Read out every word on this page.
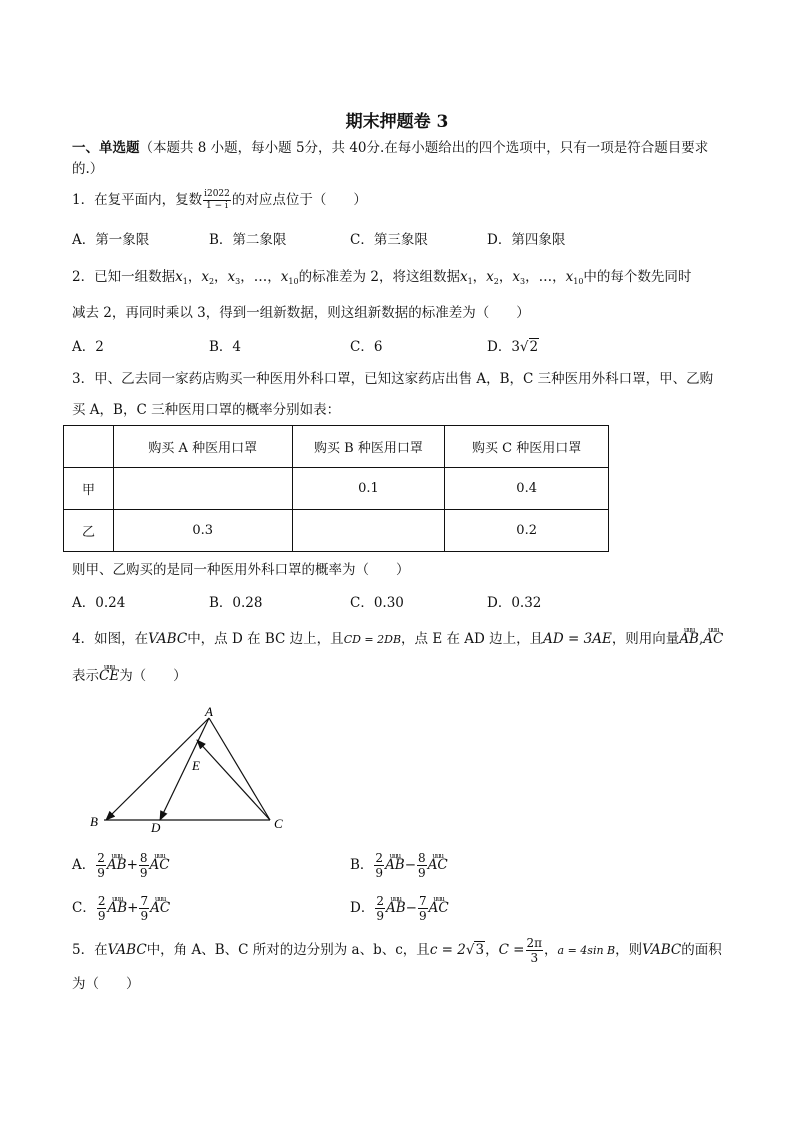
期末押题卷 3
一、单选题（本题共 8 小题，每小题 5分，共 40分.在每小题给出的四个选项中，只有一项是符合题目要求
的.）
1．在复平面内，复数 $\frac{i2022}{1 - i}$ 的对应点位于（　　）
A．第一象限	B．第二象限	C．第三象限	D．第四象限
2．已知一组数据$x_1$，$x_2$，$x_3$，…，$x_{10}$的标准差为 2，将这组数据$x_1$，$x_2$，$x_3$，…，$x_{10}$中的每个数先同时
减去 2，再同时乘以 3，得到一组新数据，则这组新数据的标准差为（　　）
A．2	B．4	C．6	D．3√2
3．甲、乙去同一家药店购买一种医用外科口罩，已知这家药店出售 A，B，C 三种医用外科口罩，甲、乙购
买 A，B，C 三种医用口罩的概率分别如表：
	购买 A 种医用口罩	购买 B 种医用口罩	购买 C 种医用口罩
甲		0.1	0.4
乙	0.3		0.2
则甲、乙购买的是同一种医用外科口罩的概率为（　　）
A．0.24	B．0.28	C．0.30	D．0.32
4．如图，在VABC中，点 D 在 BC 边上，且CD = 2DB，点 E 在 AD 边上，且AD = 3AE，则用向量uuu AB,uuu AC
表示uuu CE为（　　）
A
B	C
D
E
A． $\frac{2}{9}$ uuu $AB+ \frac{8}{9}$ uuu AC	B． $\frac{2}{9}$ uuu $AB- \frac{8}{9}$ uuu AC
C． $\frac{2}{9}$ uuu $AB+ \frac{7}{9}$ uuu AC	D． $\frac{2}{9}$ uuu $AB- \frac{7}{9}$ uuu AC
5．在VABC中，角 A、B、C 所对的边分别为 a、b、c，且c = 2√3，$C = \frac{2\pi}{3}$ ，a = 4sin B，则VABC的面积
为（　　）
